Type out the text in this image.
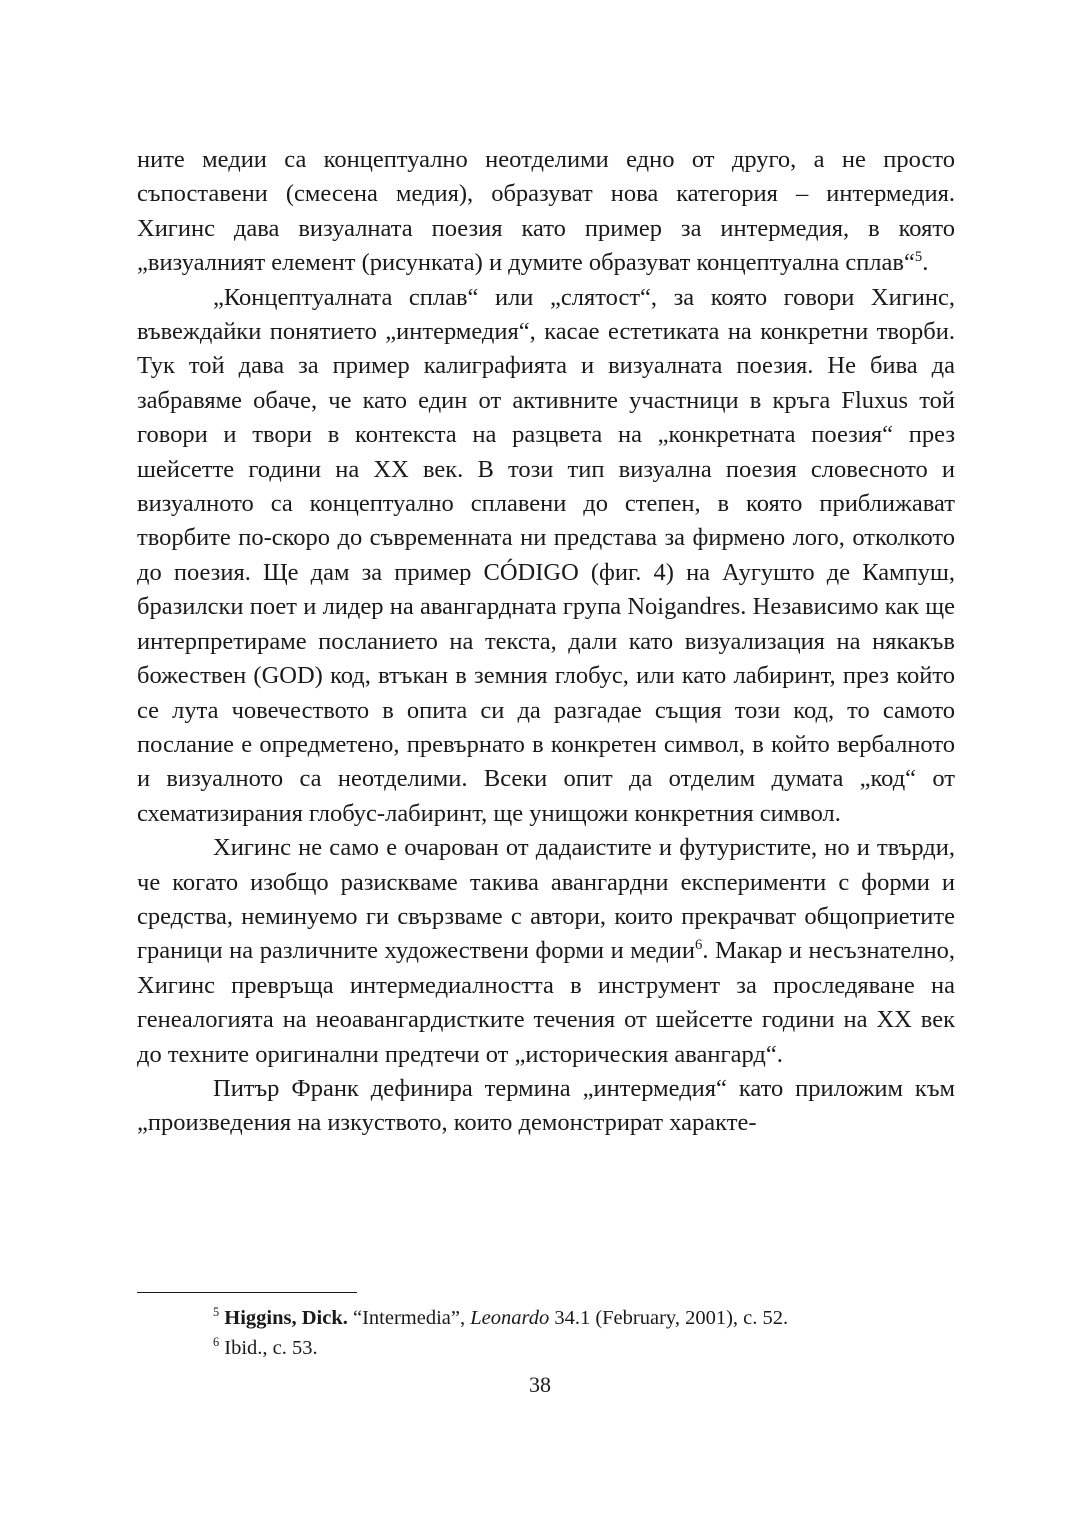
ните медии са концептуално неотделими едно от друго, а не просто съпоставени (смесена медия), образуват нова категория – интермедия. Хигинс дава визуалната поезия като пример за интермедия, в която „визуалният елемент (рисунката) и думите образуват концептуална сплав“$^5$.

„Концептуалната сплав“ или „слятост“, за която говори Хигинс, въвеждайки понятието „интермедия“, касае естетиката на конкретни творби. Тук той дава за пример калиграфията и визуалната поезия. Не бива да забравяме обаче, че като един от активните участници в кръга Fluxus той говори и твори в контекста на разцвета на „конкретната поезия“ през шейсетте години на XX век. В този тип визуална поезия словесното и визуалното са концептуално сплавени до степен, в която приближават творбите по-скоро до съвременната ни представа за фирмено лого, отколкото до поезия. Ще дам за пример CÓDIGO (фиг. 4) на Аугушто де Кампуш, бразилски поет и лидер на авангардната група Noigandres. Независимо как ще интерпретираме посланието на текста, дали като визуализация на някакъв божествен (GOD) код, втъкан в земния глобус, или като лабиринт, през който се лута човечеството в опита си да разгадае същия този код, то самото послание е опредметено, превърнато в конкретен символ, в който вербалното и визуалното са неотделими. Всеки опит да отделим думата „код“ от схематизирания глобус-лабиринт, ще унищожи конкретния символ.

Хигинс не само е очарован от дадаистите и футуристите, но и твърди, че когато изобщо разискваме такива авангардни експерименти с форми и средства, неминуемо ги свързваме с автори, които прекрачват общоприетите граници на различните художествени форми и медии$^6$. Макар и несъзнателно, Хигинс превръща интермедиалността в инструмент за проследяване на генеалогията на неоавангардистките течения от шейсетте години на XX век до техните оригинални предтечи от „историческия авангард“.

Питър Франк дефинира термина „интермедия“ като приложим към „произведения на изкуството, които демонстрират характе-

$^5$ Higgins, Dick. “Intermedia”, Leonardo 34.1 (February, 2001), с. 52.

$^6$ Ibid., с. 53.

38
